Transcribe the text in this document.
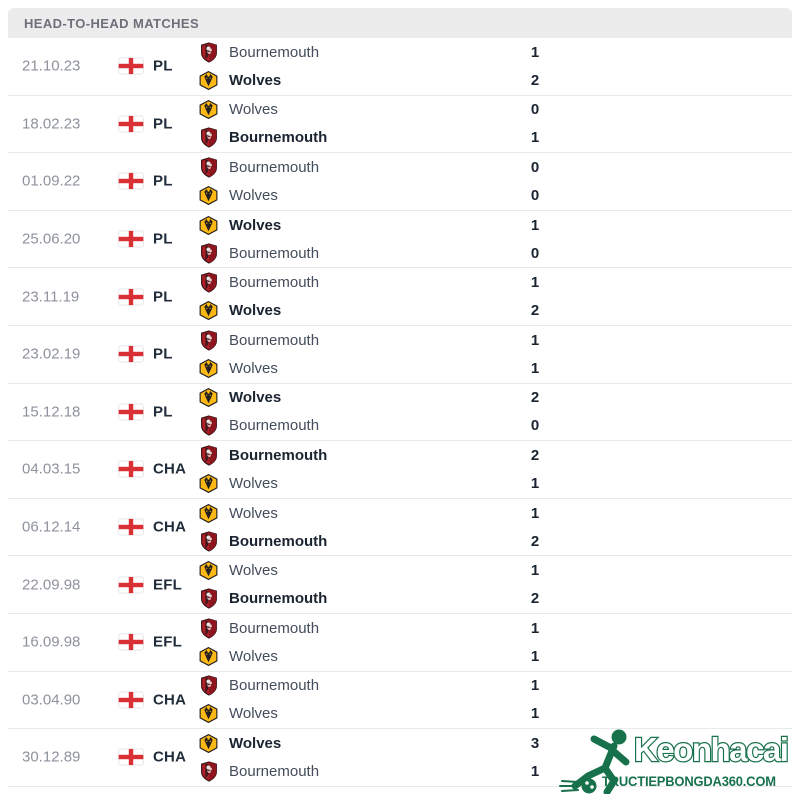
HEAD-TO-HEAD MATCHES
21.10.23	PL
Bournemouth	1
Wolves	2
18.02.23	PL
Wolves	0
Bournemouth	1
01.09.22	PL
Bournemouth	0
Wolves	0
25.06.20	PL
Wolves	1
Bournemouth	0
23.11.19	PL
Bournemouth	1
Wolves	2
23.02.19	PL
Bournemouth	1
Wolves	1
15.12.18	PL
Wolves	2
Bournemouth	0
04.03.15	CHA
Bournemouth	2
Wolves	1
06.12.14	CHA
Wolves	1
Bournemouth	2
22.09.98	EFL
Wolves	1
Bournemouth	2
16.09.98	EFL
Bournemouth	1
Wolves	1
03.04.90	CHA
Bournemouth	1
Wolves	1
30.12.89	CHA
Wolves	3
Bournemouth	1
Keonhacai
TRUCTIEPBONGDA360.COM
